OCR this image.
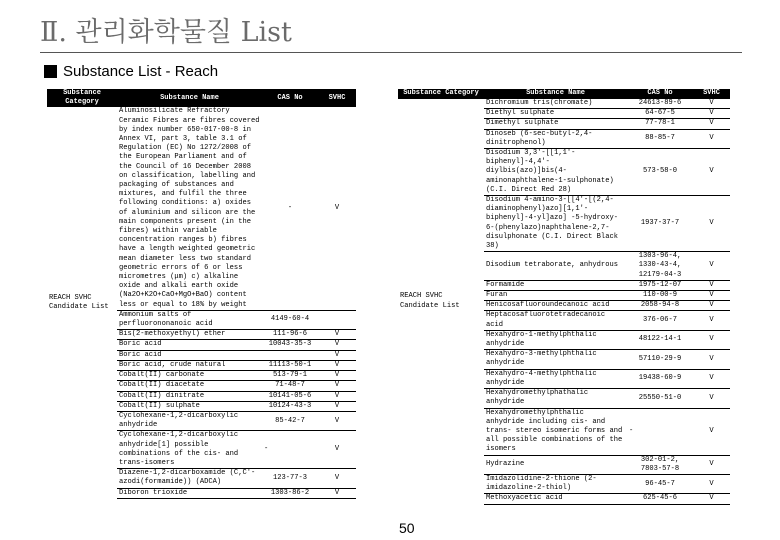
Ⅱ. 관리화학물질 List
Substance List - Reach
Substance Category	Substance Name	CAS No	SVHC
REACH SVHC Candidate List	Aluminosilicate Refractory Ceramic Fibres are fibres covered by index number 650-017-00-8 in Annex VI, part 3, table 3.1 of Regulation (EC) No 1272/2008 of the European Parliament and of the Council of 16 December 2008 on classification, labelling and packaging of substances and mixtures, and fulfil the three following conditions: a) oxides of aluminium and silicon are the main components present (in the fibres) within variable concentration ranges b) fibres have a length weighted geometric mean diameter less two standard geometric errors of 6 or less micrometres (μm) c) alkaline oxide and alkali earth oxide (Na2O+K2O+CaO+MgO+BaO) content less or equal to 18% by weight	-	V
	Ammonium salts of perfluorononanoic acid	4149-60-4	
	Bis(2-methoxyethyl) ether	111-96-6	V
	Boric acid	10043-35-3	V
	Boric acid		V
	Boric acid, crude natural	11113-50-1	V
	Cobalt(II) carbonate	513-79-1	V
	Cobalt(II) diacetate	71-48-7	V
	Cobalt(II) dinitrate	10141-05-6	V
	Cobalt(II) sulphate	10124-43-3	V
	Cyclohexane-1,2-dicarboxylic anhydride	85-42-7	V
	Cyclohexane-1,2-dicarboxylic anhydride[1] possible combinations of the cis- and trans-isomers	-	V
	Diazene-1,2-dicarboxamide (C,C'-azodi(formamide)) (ADCA)	123-77-3	V
	Diboron trioxide	1303-86-2	V
Substance Category	Substance Name	CAS No	SVHC
REACH SVHC Candidate List	Dichromium tris(chromate)	24613-89-6	V
	Diethyl sulphate	64-67-5	V
	Dimethyl sulphate	77-78-1	V
	Dinoseb (6-sec-butyl-2,4-dinitrophenol)	88-85-7	V
	Disodium 3,3'-[[1,1'-biphenyl]-4,4'-diylbis(azo)]bis(4-aminonaphthalene-1-sulphonate) (C.I. Direct Red 28)	573-58-0	V
	Disodium 4-amino-3-[[4'-[(2,4-diaminophenyl)azo][1,1'-biphenyl]-4-yl]azo] -5-hydroxy-6-(phenylazo)naphthalene-2,7-disulphonate (C.I. Direct Black 38)	1937-37-7	V
	Disodium tetraborate, anhydrous	1303-96-4, 1330-43-4, 12179-04-3	V
	Formamide	1975-12-07	V
	Furan	110-00-9	V
	Henicosafluoroundecanoic acid	2058-94-8	V
	Heptacosafluorotetradecanoic acid	376-06-7	V
	Hexahydro-1-methylphthalic anhydride	48122-14-1	V
	Hexahydro-3-methylphthalic anhydride	57110-29-9	V
	Hexahydro-4-methylphthalic anhydride	19438-60-9	V
	Hexahydromethylphathalic anhydride	25550-51-0	V
	Hexahydromethylphthalic anhydride including cis- and trans- stereo isomeric forms and all possible combinations of the isomers	-	V
	Hydrazine	302-01-2, 7803-57-8	V
	Imidazolidine-2-thione (2-imidazoline-2-thiol)	96-45-7	V
	Methoxyacetic acid	625-45-6	V
50
